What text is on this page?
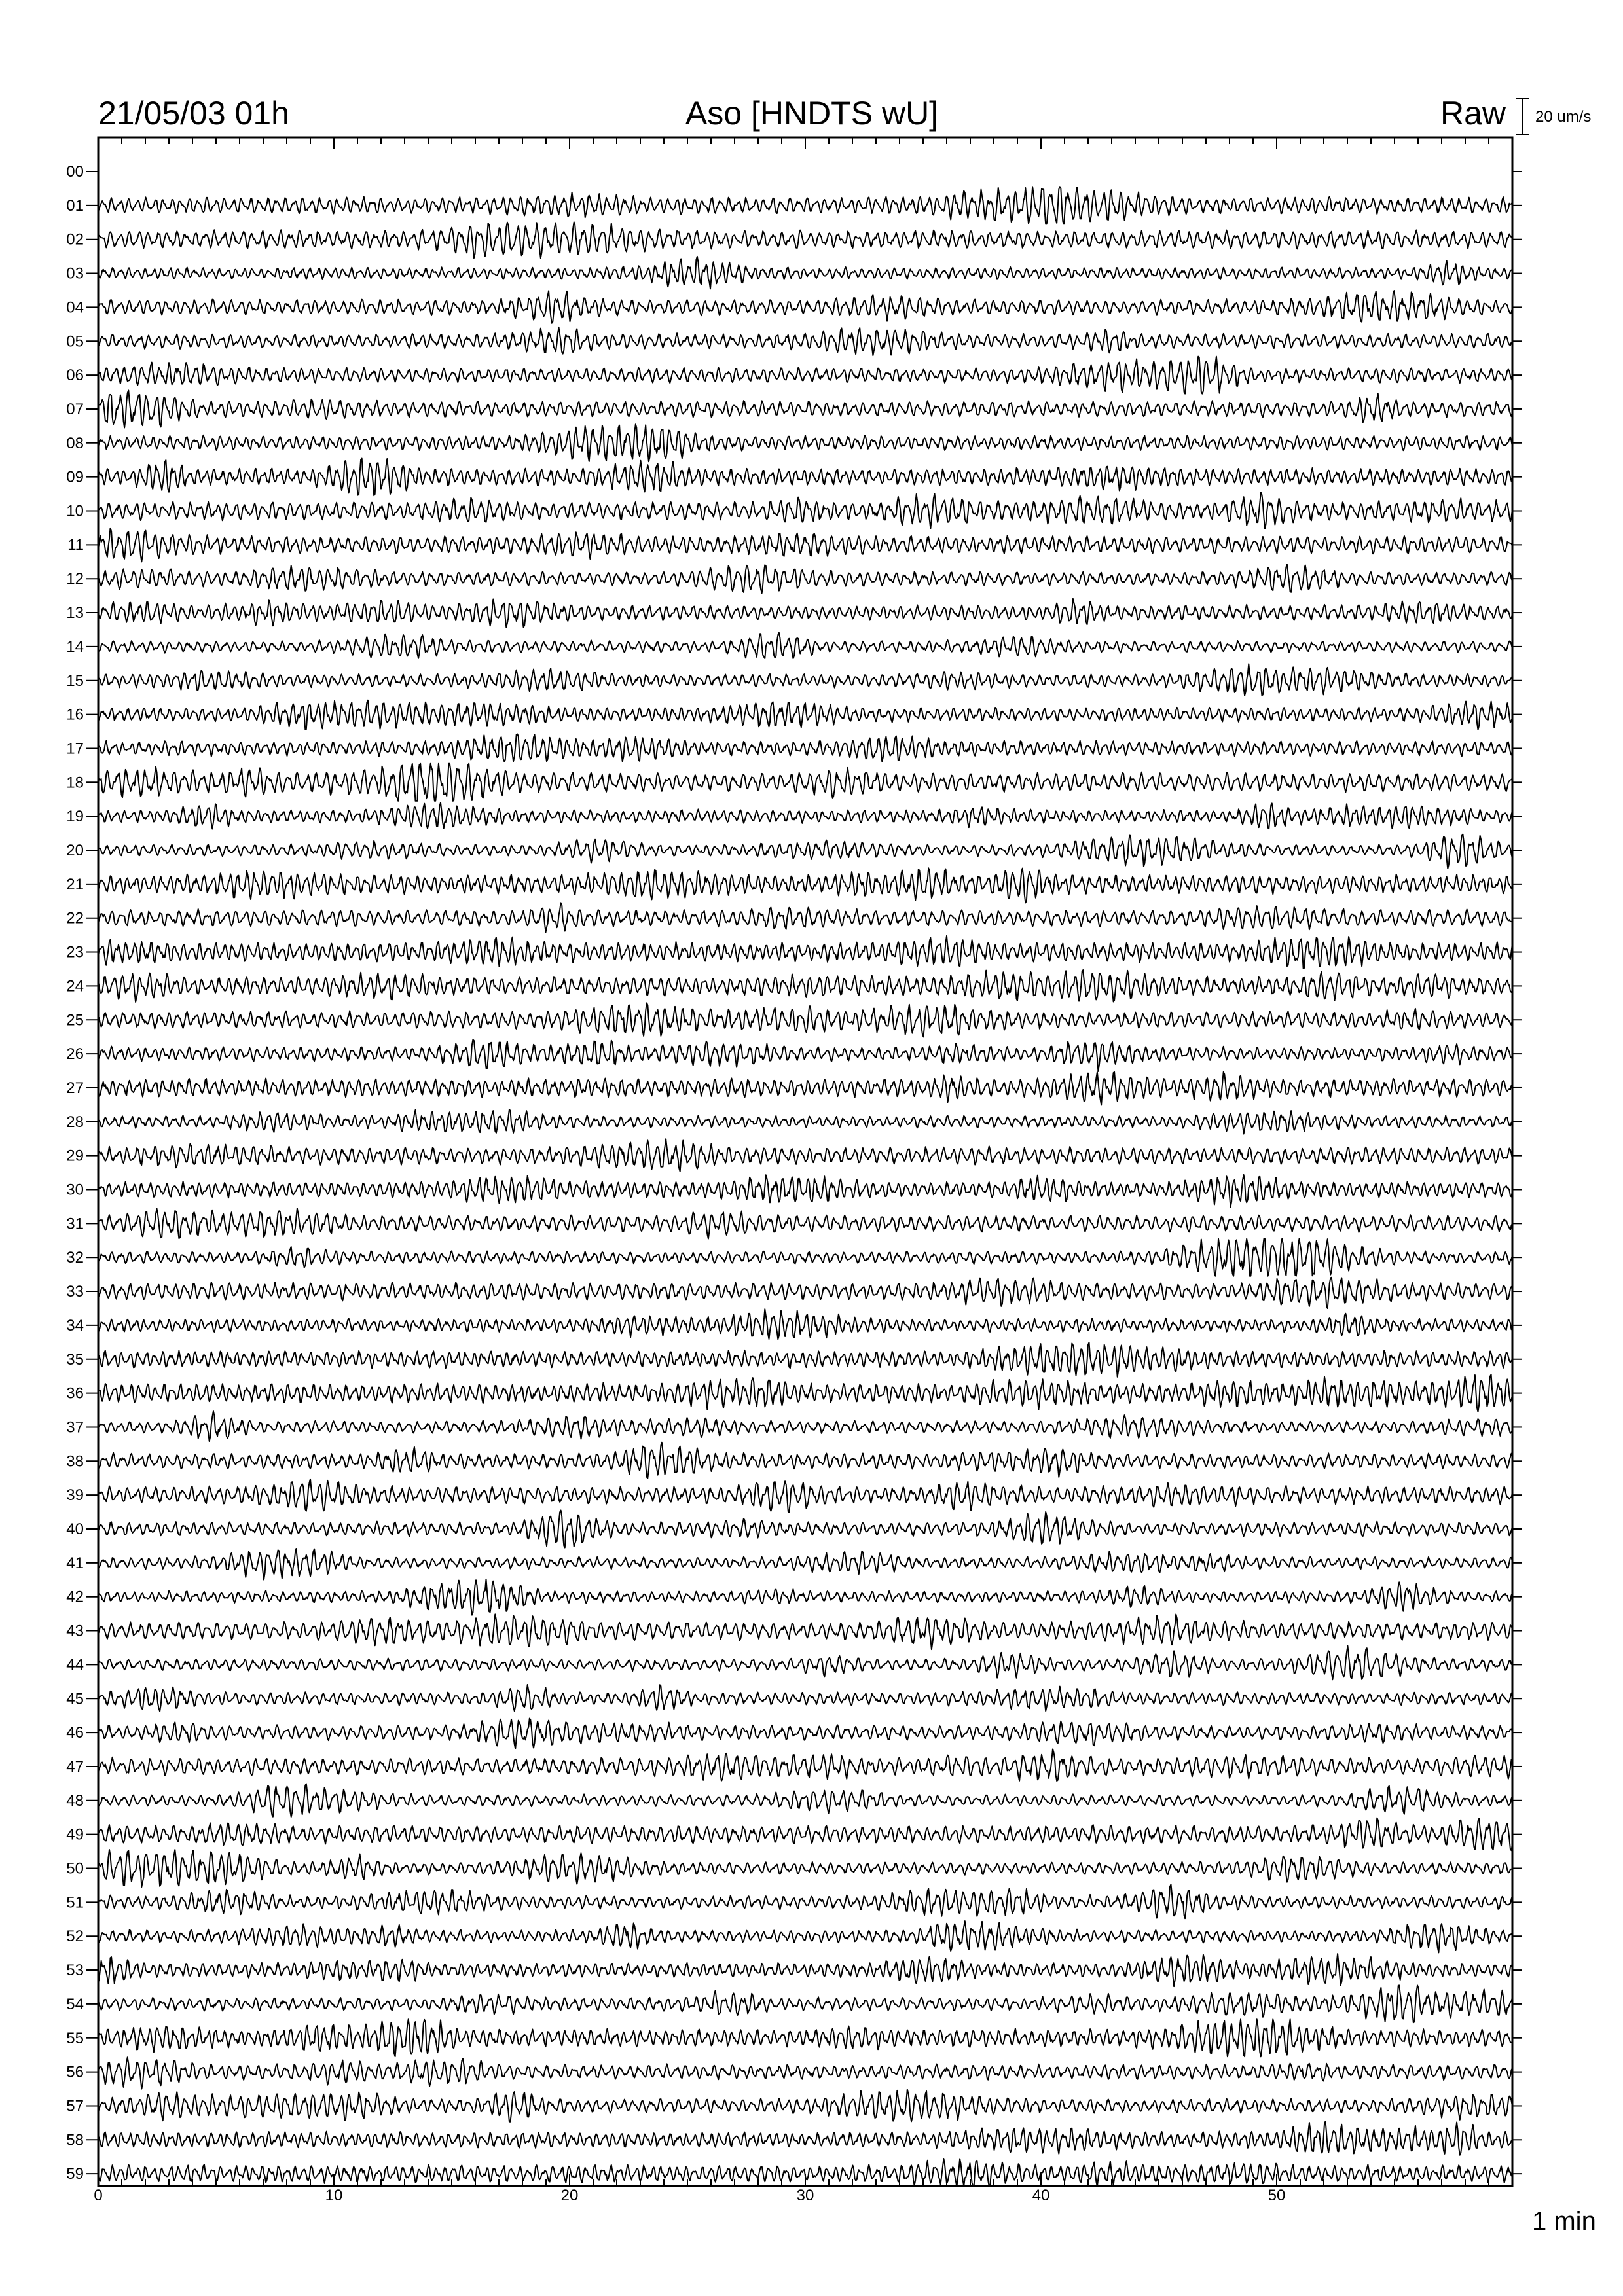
21/05/03 01h	Aso [HNDTS wU]	Raw 20 um/s
00
01
02
03
04
05
06
07
08
09
10
11
12
13
14
15
16
17
18
19
20
21
22
23
24
25
26
27
28
29
30
31
32
33
34
35
36
37
38
39
40
41
42
43
44
45
46
47
48
49
50
51
52
53
54
55
56
57
58
59
0	10	20	30	40	50
1 min
